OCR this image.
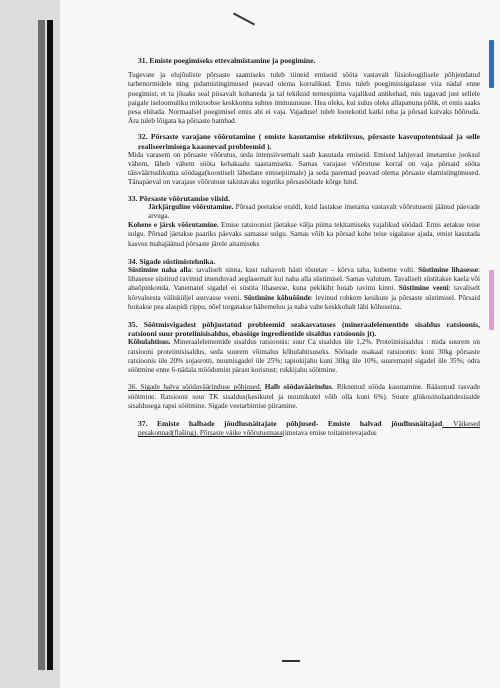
31. Emiste poegimiseks ettevalmistamine ja poegimine.

Tugevate ja elujõuliste põrsaste saamiseks tuleb tiineid emiseid sööta vastavalt füsioloogilisele põhjendatud tarbenormidele ning pidamistingimused peavad olema korralikud. Emis tuleb poegimissigalasse viia nädal enne poegimist, et ta jõuaks seal piisavalt kohaneda ja tal tekiksid ternespiima vajalikud antikehad, mis tagavad just sellele paigale iseloomuliku mikroobse keskkonna suhtes immuunsuse. Hea oleks, kui sulus oleks allapanuna põhk, et emis saaks pesa ehitada. Normaalsel poegimisel emis abi ei vaja. Vajaduse! tuleb lootekotid katki teha ja põrsad kuivaks hõõruda. Ära tuleb lõigata ka põrsaste hambad.

32. Põrsaste varajane võõrutamine ( emiste kasutamise efektiivsus, põrsaste kasvupotentsiaal ja selle realiseerimisega kaasnevad probleemid ).

Mida varasem on põrsaste võõrutus, seda intensiivsemalt saab kasutada emiseid. Emised lahjuvad imetamise jooksul vähem, läheb vähem sööta kehakaalu taastamiseks. Samas varajase võõrutuse korral on vaja põrsaid sööta täisväärtuslikuma söödaga(koostiselt lähedane emisepiimale) ja seda paremad peavad olema põrsaste elamistingimused. Tänapäeval on varajase võõrutuse takistavaks teguriks põrsasöötade kõrge hind.

33. Põrsaste võõrutamise viisid.

Järkjärguline võõrutamine. Põrsad peetakse eraldi, kuid lastakse imetama vastavalt võõrutuseni jäänud päevade arvuga.

Kohene e järsk võõrutamine. Emise ratsioonist jäetakse välja piima tekitamiseks vajalikud söödad. Emis aetakse teise sulgu. Põrsad jäetakse paariks päevaks samasse sulgu. Samas võib ka põrsad kohe teise sigalasse ajada, emist kasutada kasvus mahajäänud põrsaste järele aitamiseks

34. Sigade süstimistehnika.

Süstimine naha alla: tavaliselt sinna, kust nahavolt hästi tõstetav – kõrva taha, kubeme volti. Süstimine lihasesse: lihasesse süstitud ravimid imenduvad aeglasemalt kui naha alla süstimisel. Samas valutum. Tavaliselt süstitakse kaela või abaõpinkonda. Vanematel sigadel ei süstita lihasesse, kuna pekikiht hoiab ravimi kinni. Süstimine veeni: tavaliselt kõrvaleesta välisküljel asuvasse veeni. Süstimine kõhuõõnde: levinud rohkem kesikute ja põrsaste süstimisel. Põrsaid hoitakse pea alaspidi rippu, nõel torgatakse häbemeluu ja naba vahe keskkohalt läbi kõhuseina.

35. Söötmisvigadest põhjustatud probleemid seakasvatuses (mineraalelementide sisaldus ratsioonis, ratsiooni suur proteiinisisaldus, ebasöige ingredientide sisaldus ratsioonis jt).

Kõhulahtisus. Mineraalelementide sisaldus ratsioonis: suur Ca sisaldus üle 1,2%. Proteiinisisaldus : mida suurem on ratsiooni proteiinisisaldus, seda suurem võimalus kõhulahtisuseks. Söötade osakaal ratsioonis: kuni 30kg põrsaste ratsioonis üle 20% sojasrotti, nuumisgadel üle 25%; tapiokijahu kuni 30kg üle 10%, suurematel sigadel üle 35%; odra söötmine enne 6-nädala möödumist pärast koristust; rukkijahu söötmine.

36. Sigade halva söödaväärinduse põhjused. Halb söödaväärindus. Riknenud sööda kasutamine. Rääsunud rasvade söötmine. Ratsiooni suur TK sisaldus(kesikutel ja nuumikutel võib olla kuni 6%). Suure glükosinolaatidesisalde sisaldusega rapsi söötmine. Sigade veetarbimise piiramine.

37. Emiste halbade jõudlusnäitajate põhjused- Emiste halvad jõudlusnäitajad. Väikesed pesakonnad(flašing). Põrsaste väike võõrutusmass(imetava emise toitainetevajadus
